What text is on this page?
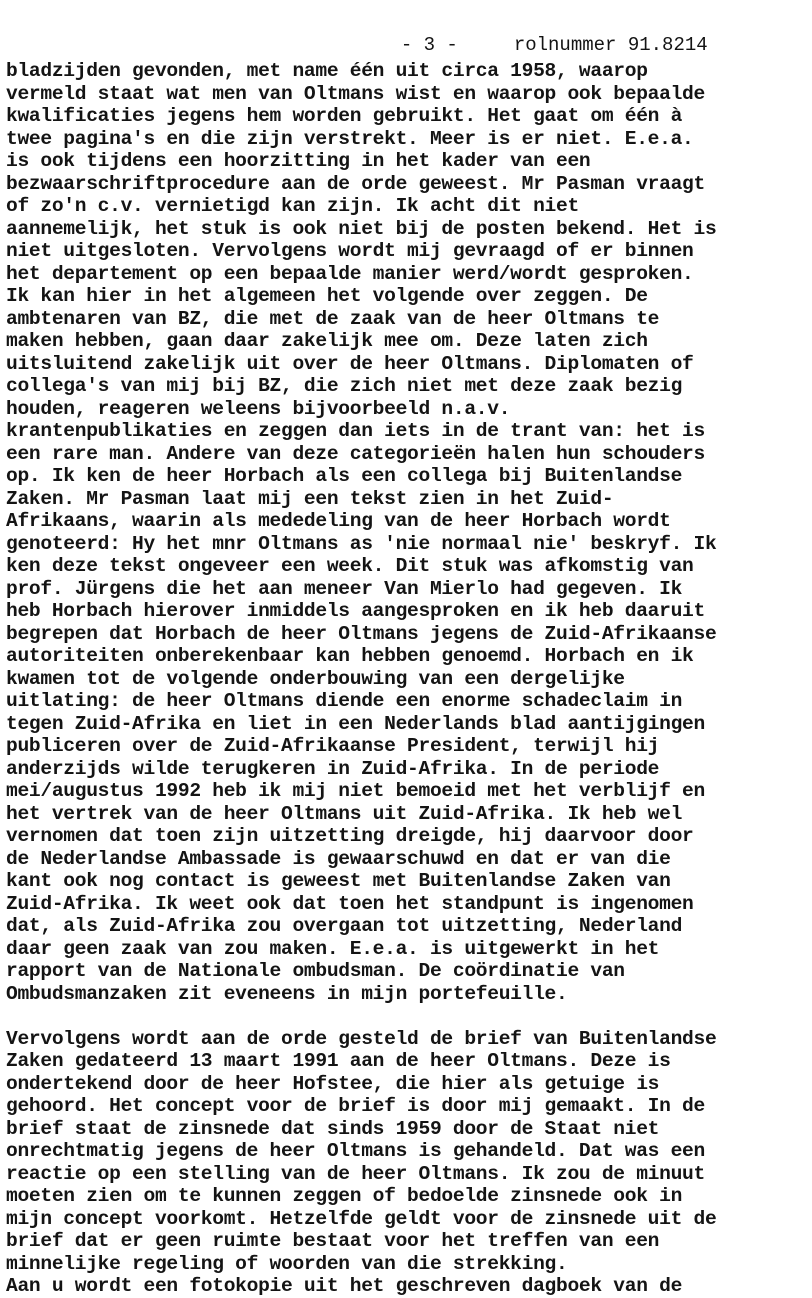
- 3 -	rolnummer 91.8214

bladzijden gevonden, met name één uit circa 1958, waarop
vermeld staat wat men van Oltmans wist en waarop ook bepaalde
kwalificaties jegens hem worden gebruikt. Het gaat om één à
twee pagina's en die zijn verstrekt. Meer is er niet. E.e.a.
is ook tijdens een hoorzitting in het kader van een
bezwaarschriftprocedure aan de orde geweest. Mr Pasman vraagt
of zo'n c.v. vernietigd kan zijn. Ik acht dit niet
aannemelijk, het stuk is ook niet bij de posten bekend. Het is
niet uitgesloten. Vervolgens wordt mij gevraagd of er binnen
het departement op een bepaalde manier werd/wordt gesproken.
Ik kan hier in het algemeen het volgende over zeggen. De
ambtenaren van BZ, die met de zaak van de heer Oltmans te
maken hebben, gaan daar zakelijk mee om. Deze laten zich
uitsluitend zakelijk uit over de heer Oltmans. Diplomaten of
collega's van mij bij BZ, die zich niet met deze zaak bezig
houden, reageren weleens bijvoorbeeld n.a.v.
krantenpublikaties en zeggen dan iets in de trant van: het is
een rare man. Andere van deze categorieën halen hun schouders
op. Ik ken de heer Horbach als een collega bij Buitenlandse
Zaken. Mr Pasman laat mij een tekst zien in het Zuid-
Afrikaans, waarin als mededeling van de heer Horbach wordt
genoteerd: Hy het mnr Oltmans as 'nie normaal nie' beskryf. Ik
ken deze tekst ongeveer een week. Dit stuk was afkomstig van
prof. Jürgens die het aan meneer Van Mierlo had gegeven. Ik
heb Horbach hierover inmiddels aangesproken en ik heb daaruit
begrepen dat Horbach de heer Oltmans jegens de Zuid-Afrikaanse
autoriteiten onberekenbaar kan hebben genoemd. Horbach en ik
kwamen tot de volgende onderbouwing van een dergelijke
uitlating: de heer Oltmans diende een enorme schadeclaim in
tegen Zuid-Afrika en liet in een Nederlands blad aantijgingen
publiceren over de Zuid-Afrikaanse President, terwijl hij
anderzijds wilde terugkeren in Zuid-Afrika. In de periode
mei/augustus 1992 heb ik mij niet bemoeid met het verblijf en
het vertrek van de heer Oltmans uit Zuid-Afrika. Ik heb wel
vernomen dat toen zijn uitzetting dreigde, hij daarvoor door
de Nederlandse Ambassade is gewaarschuwd en dat er van die
kant ook nog contact is geweest met Buitenlandse Zaken van
Zuid-Afrika. Ik weet ook dat toen het standpunt is ingenomen
dat, als Zuid-Afrika zou overgaan tot uitzetting, Nederland
daar geen zaak van zou maken. E.e.a. is uitgewerkt in het
rapport van de Nationale ombudsman. De coördinatie van
Ombudsmanzaken zit eveneens in mijn portefeuille.
Vervolgens wordt aan de orde gesteld de brief van Buitenlandse
Zaken gedateerd 13 maart 1991 aan de heer Oltmans. Deze is
ondertekend door de heer Hofstee, die hier als getuige is
gehoord. Het concept voor de brief is door mij gemaakt. In de
brief staat de zinsnede dat sinds 1959 door de Staat niet
onrechtmatig jegens de heer Oltmans is gehandeld. Dat was een
reactie op een stelling van de heer Oltmans. Ik zou de minuut
moeten zien om te kunnen zeggen of bedoelde zinsnede ook in
mijn concept voorkomt. Hetzelfde geldt voor de zinsnede uit de
brief dat er geen ruimte bestaat voor het treffen van een
minnelijke regeling of woorden van die strekking.
Aan u wordt een fotokopie uit het geschreven dagboek van de
